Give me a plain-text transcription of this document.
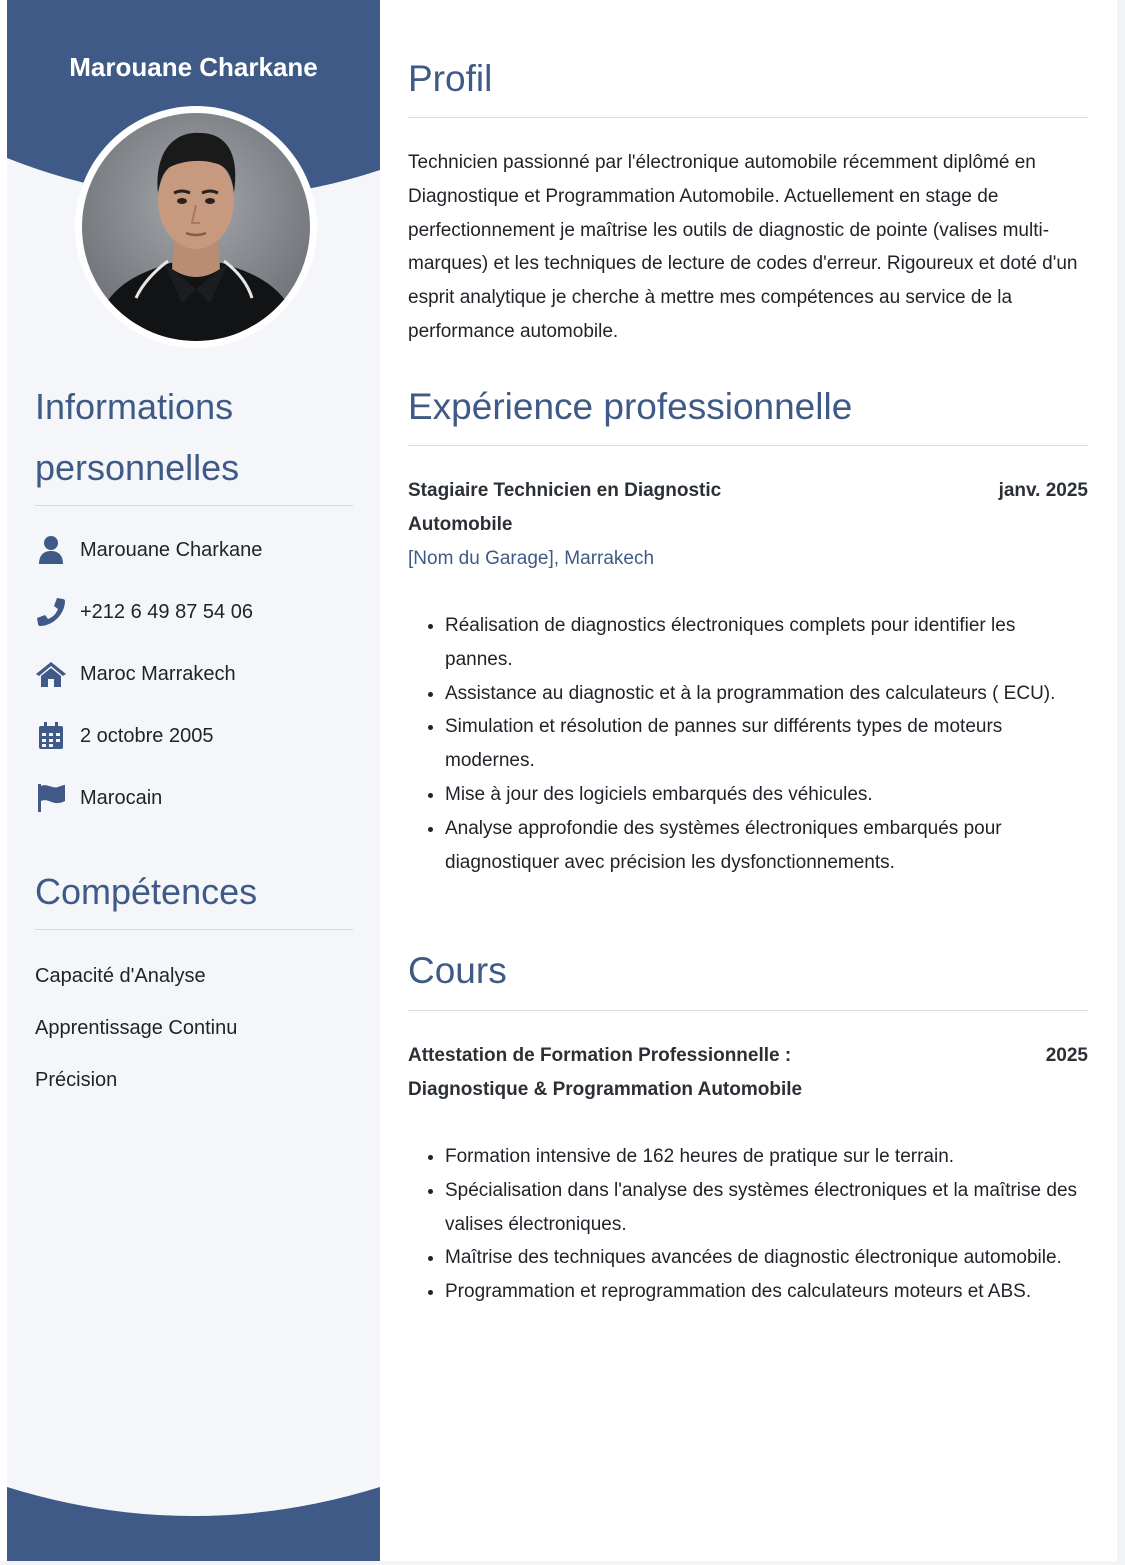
Marouane Charkane
Informations personnelles
Marouane Charkane
+212 6 49 87 54 06
Maroc Marrakech
2 octobre 2005
Marocain
Compétences
Capacité d'Analyse
Apprentissage Continu
Précision
Profil

Technicien passionné par l'électronique automobile récemment diplômé en Diagnostique et Programmation Automobile. Actuellement en stage de perfectionnement je maîtrise les outils de diagnostic de pointe (valises multi-marques) et les techniques de lecture de codes d'erreur. Rigoureux et doté d'un esprit analytique je cherche à mettre mes compétences au service de la performance automobile.

Expérience professionnelle
Stagiaire Technicien en Diagnostic Automobile
janv. 2025
[Nom du Garage], Marrakech
• Réalisation de diagnostics électroniques complets pour identifier les pannes.
• Assistance au diagnostic et à la programmation des calculateurs ( ECU).
• Simulation et résolution de pannes sur différents types de moteurs modernes.
• Mise à jour des logiciels embarqués des véhicules.
• Analyse approfondie des systèmes électroniques embarqués pour diagnostiquer avec précision les dysfonctionnements.
Cours
Attestation de Formation Professionnelle : Diagnostique & Programmation Automobile
2025
• Formation intensive de 162 heures de pratique sur le terrain.
• Spécialisation dans l'analyse des systèmes électroniques et la maîtrise des valises électroniques.
• Maîtrise des techniques avancées de diagnostic électronique automobile.
• Programmation et reprogrammation des calculateurs moteurs et ABS.
